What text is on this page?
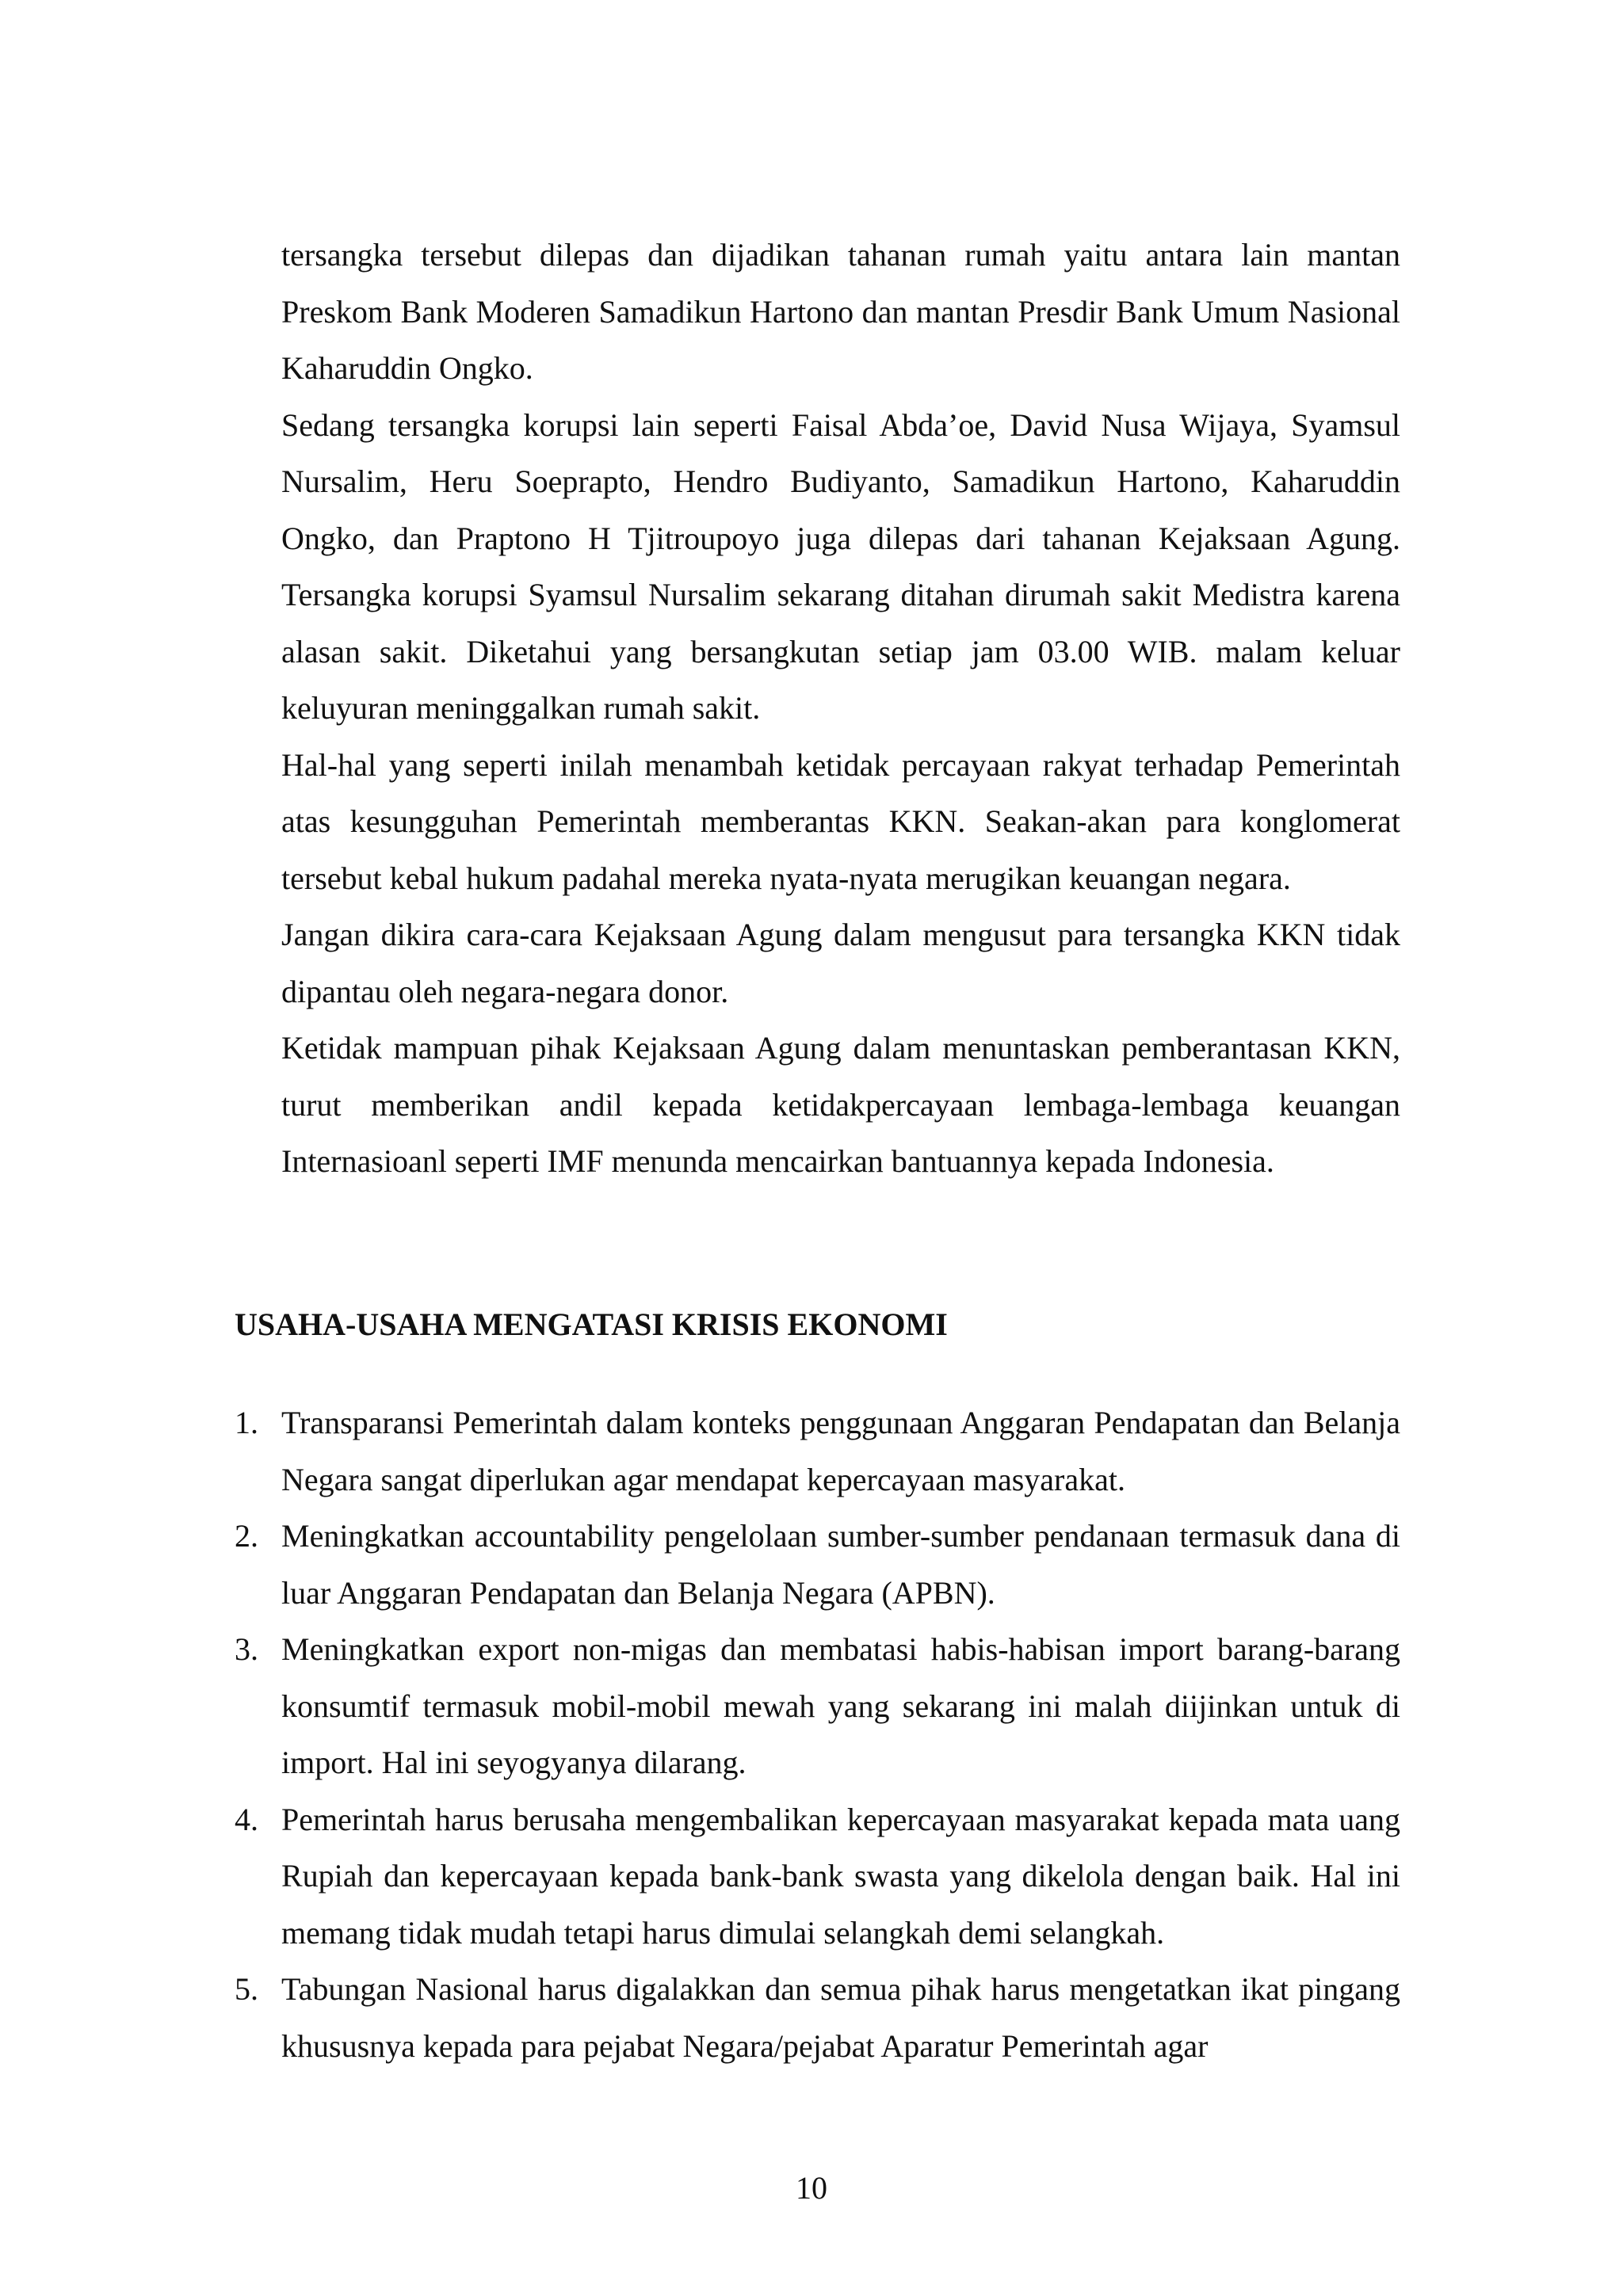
tersangka tersebut dilepas dan dijadikan tahanan rumah yaitu antara lain mantan Preskom Bank Moderen Samadikun Hartono dan mantan Presdir Bank Umum Nasional Kaharuddin Ongko.

Sedang tersangka korupsi lain seperti Faisal Abda’oe, David Nusa Wijaya, Syamsul Nursalim, Heru Soeprapto, Hendro Budiyanto, Samadikun Hartono, Kaharuddin Ongko, dan Praptono H Tjitroupoyo juga dilepas dari tahanan Kejaksaan Agung. Tersangka korupsi Syamsul Nursalim sekarang ditahan dirumah sakit Medistra karena alasan sakit. Diketahui yang bersangkutan setiap jam 03.00 WIB. malam keluar keluyuran meninggalkan rumah sakit.

Hal-hal yang seperti inilah menambah ketidak percayaan rakyat terhadap Pemerintah atas kesungguhan Pemerintah memberantas KKN. Seakan-akan para konglomerat tersebut kebal hukum padahal mereka nyata-nyata merugikan keuangan negara.

Jangan dikira cara-cara Kejaksaan Agung dalam mengusut para tersangka KKN tidak dipantau oleh negara-negara donor.

Ketidak mampuan pihak Kejaksaan Agung dalam menuntaskan pemberantasan KKN, turut memberikan andil kepada ketidakpercayaan lembaga-lembaga keuangan Internasioanl seperti IMF menunda mencairkan bantuannya kepada Indonesia.

USAHA-USAHA MENGATASI KRISIS EKONOMI
1. Transparansi Pemerintah dalam konteks penggunaan Anggaran Pendapatan dan Belanja Negara sangat diperlukan agar mendapat kepercayaan masyarakat.

2. Meningkatkan accountability pengelolaan sumber-sumber pendanaan termasuk dana di luar Anggaran Pendapatan dan Belanja Negara (APBN).

3. Meningkatkan export non-migas dan membatasi habis-habisan import barang-barang konsumtif termasuk mobil-mobil mewah yang sekarang ini malah diijinkan untuk di import. Hal ini seyogyanya dilarang.

4. Pemerintah harus berusaha mengembalikan kepercayaan masyarakat kepada mata uang Rupiah dan kepercayaan kepada bank-bank swasta yang dikelola dengan baik. Hal ini memang tidak mudah tetapi harus dimulai selangkah demi selangkah.

5. Tabungan Nasional harus digalakkan dan semua pihak harus mengetatkan ikat pingang khususnya kepada para pejabat Negara/pejabat Aparatur Pemerintah agar

10
